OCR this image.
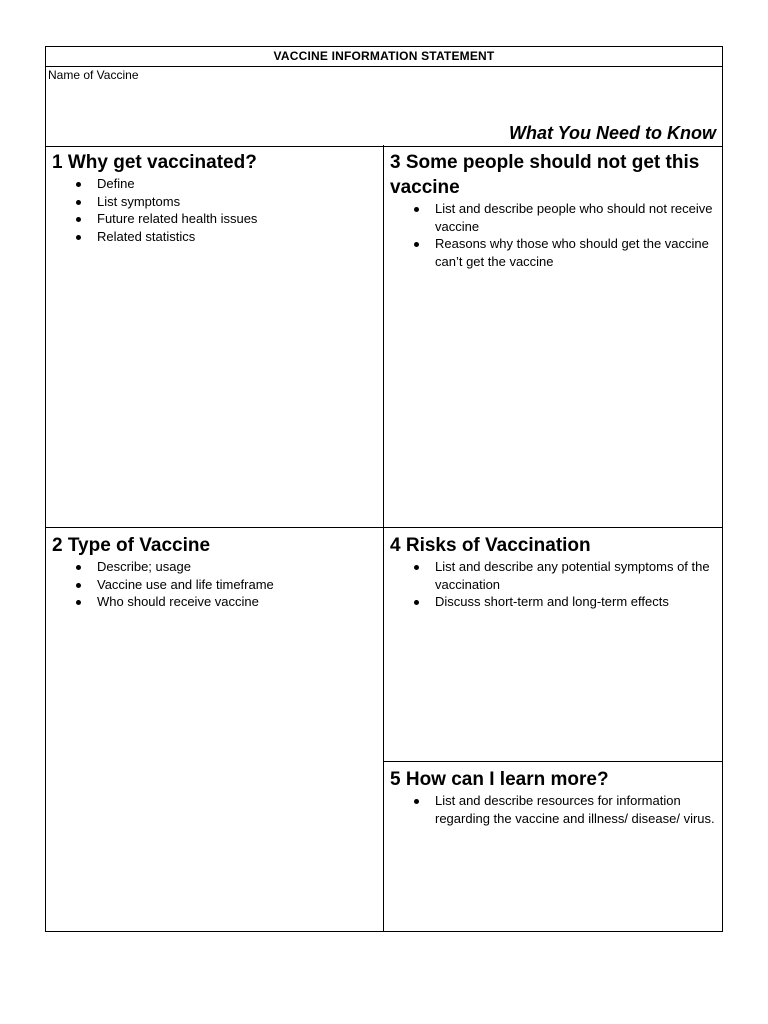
VACCINE INFORMATION STATEMENT
Name of Vaccine
What You Need to Know
1 Why get vaccinated?
Define
List symptoms
Future related health issues
Related statistics
3 Some people should not get this vaccine
List and describe people who should not receive vaccine
Reasons why those who should get the vaccine can’t get the vaccine
2 Type of Vaccine
Describe; usage
Vaccine use and life timeframe
Who should receive vaccine
4 Risks of Vaccination
List and describe any potential symptoms of the vaccination
Discuss short-term and long-term effects
5 How can I learn more?
List and describe resources for information regarding the vaccine and illness/ disease/ virus.
